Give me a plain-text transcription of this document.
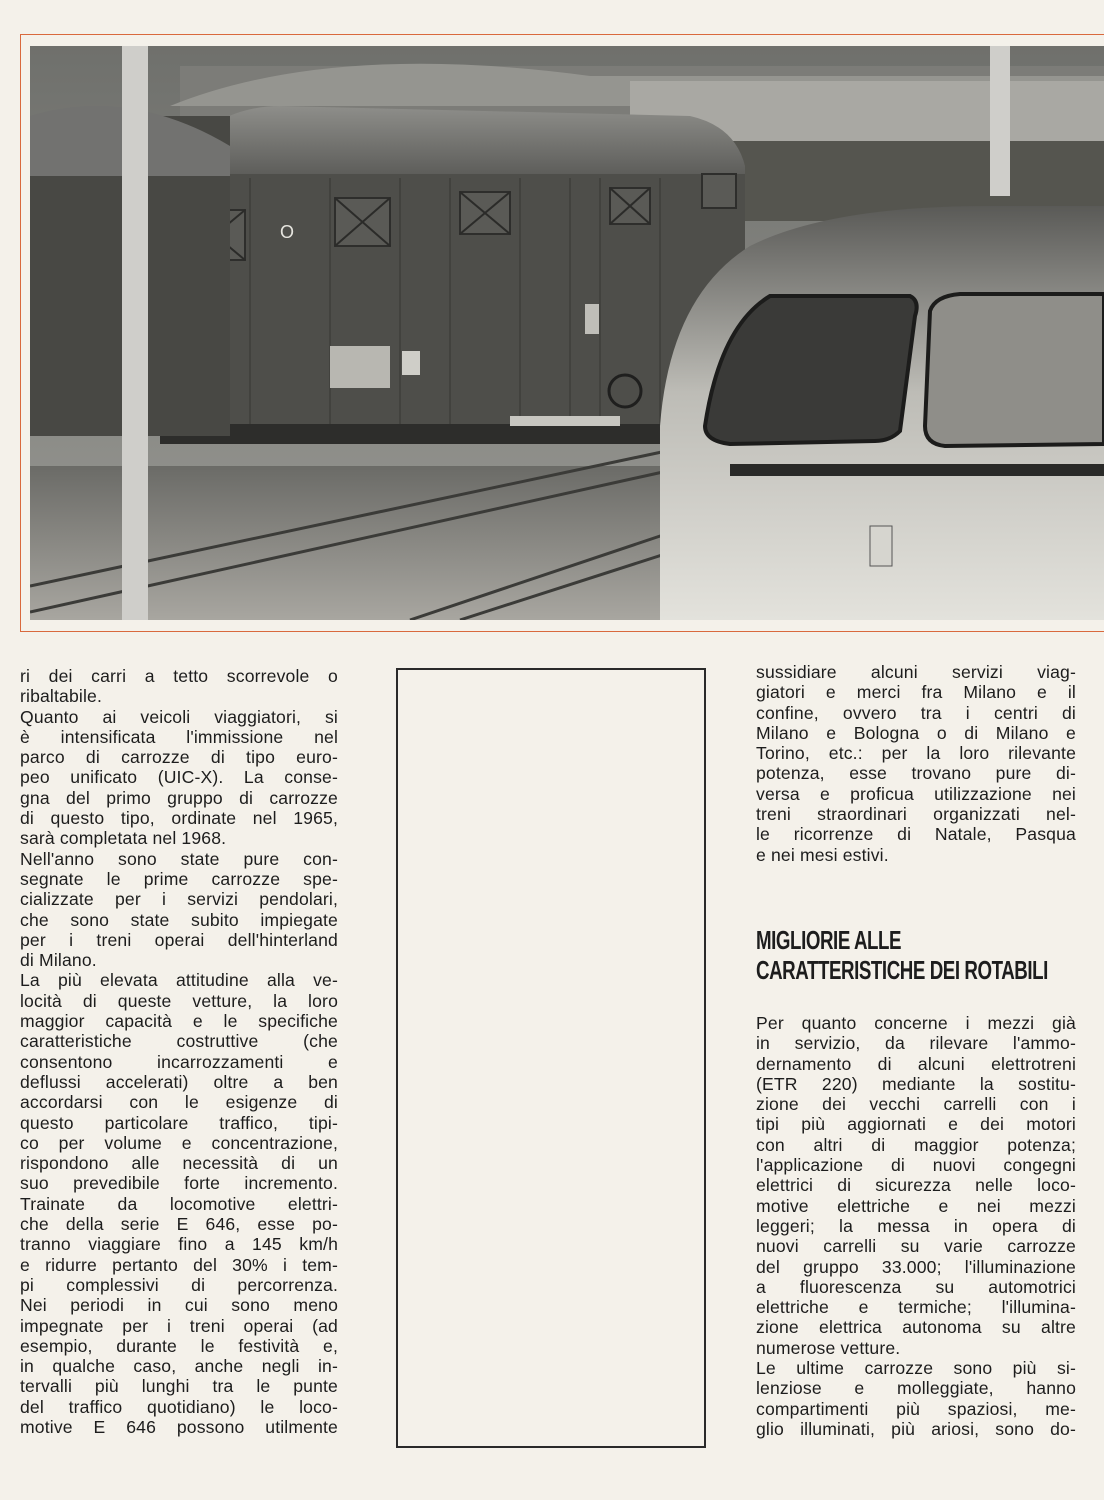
O
ri dei carri a tetto scorrevole o
ribaltabile.
Quanto ai veicoli viaggiatori, si
è intensificata l'immissione nel
parco di carrozze di tipo euro-
peo unificato (UIC-X). La conse-
gna del primo gruppo di carrozze
di questo tipo, ordinate nel 1965,
sarà completata nel 1968.
Nell'anno sono state pure con-
segnate le prime carrozze spe-
cializzate per i servizi pendolari,
che sono state subito impiegate
per i treni operai dell'hinterland
di Milano.
La più elevata attitudine alla ve-
locità di queste vetture, la loro
maggior capacità e le specifiche
caratteristiche costruttive (che
consentono incarrozzamenti e
deflussi accelerati) oltre a ben
accordarsi con le esigenze di
questo particolare traffico, tipi-
co per volume e concentrazione,
rispondono alle necessità di un
suo prevedibile forte incremento.
Trainate da locomotive elettri-
che della serie E 646, esse po-
tranno viaggiare fino a 145 km/h
e ridurre pertanto del 30% i tem-
pi complessivi di percorrenza.
Nei periodi in cui sono meno
impegnate per i treni operai (ad
esempio, durante le festività e,
in qualche caso, anche negli in-
tervalli più lunghi tra le punte
del traffico quotidiano) le loco-
motive E 646 possono utilmente
sussidiare alcuni servizi viag-
giatori e merci fra Milano e il
confine, ovvero tra i centri di
Milano e Bologna o di Milano e
Torino, etc.: per la loro rilevante
potenza, esse trovano pure di-
versa e proficua utilizzazione nei
treni straordinari organizzati nel-
le ricorrenze di Natale, Pasqua
e nei mesi estivi.
MIGLIORIE ALLE
CARATTERISTICHE DEI ROTABILI
Per quanto concerne i mezzi già
in servizio, da rilevare l'ammo-
dernamento di alcuni elettrotreni
(ETR 220) mediante la sostitu-
zione dei vecchi carrelli con i
tipi più aggiornati e dei motori
con altri di maggior potenza;
l'applicazione di nuovi congegni
elettrici di sicurezza nelle loco-
motive elettriche e nei mezzi
leggeri; la messa in opera di
nuovi carrelli su varie carrozze
del gruppo 33.000; l'illuminazione
a fluorescenza su automotrici
elettriche e termiche; l'illumina-
zione elettrica autonoma su altre
numerose vetture.
Le ultime carrozze sono più si-
lenziose e molleggiate, hanno
compartimenti più spaziosi, me-
glio illuminati, più ariosi, sono do-
